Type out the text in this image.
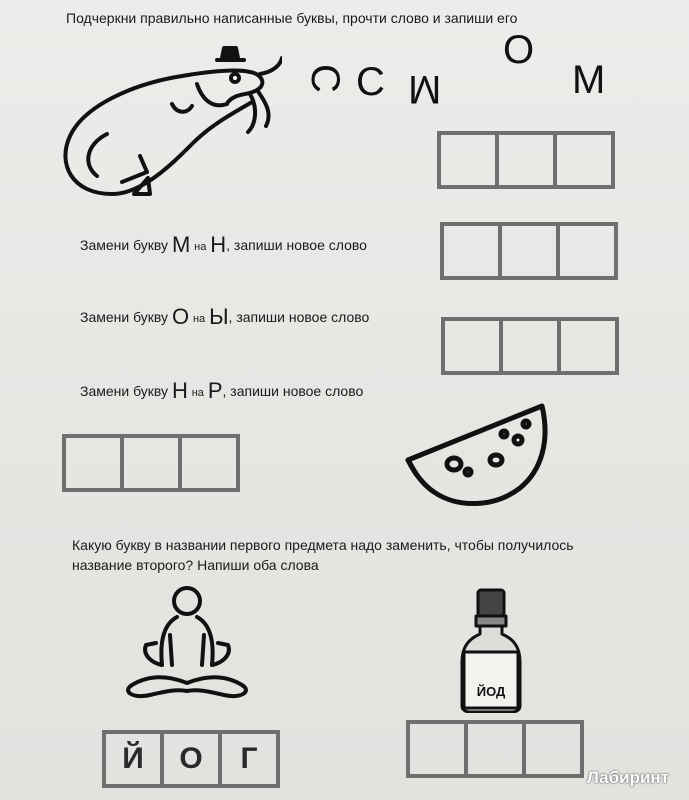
Подчеркни правильно написанные буквы, прочти слово и запиши его
С С М
О
М
Замени букву М на Н, запиши новое слово
Замени букву О на Ы, запиши новое слово
Замени букву Н на Р, запиши новое слово
Какую букву в названии первого предмета надо заменить, чтобы получилось
название второго? Напиши оба слова
ЙОД
Й	О	Г
Лабиринт
